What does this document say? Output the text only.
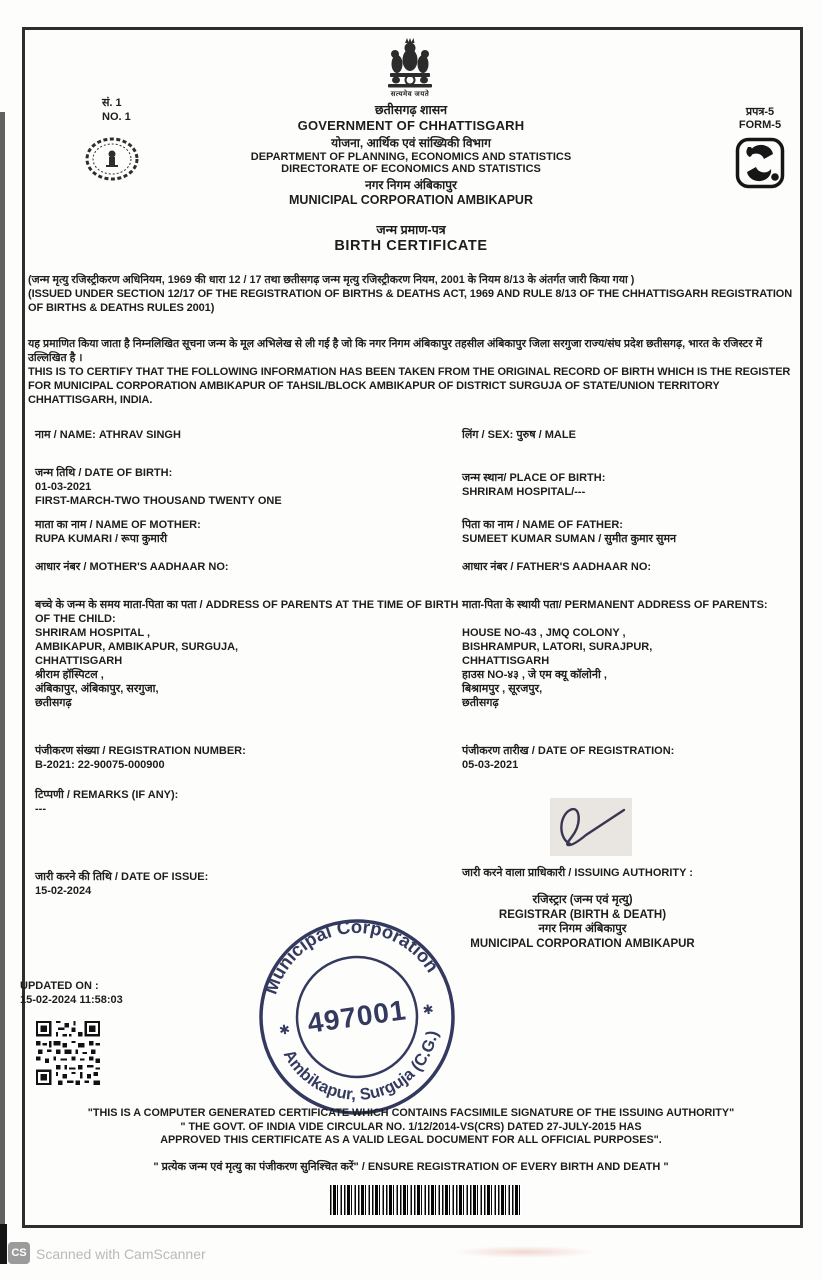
सत्यमेव जयते
सं. 1
NO. 1	छतीसगढ़ शासन
GOVERNMENT OF CHHATTISGARH
योजना, आर्थिक एवं सांख्यिकी विभाग
DEPARTMENT OF PLANNING, ECONOMICS AND STATISTICS
DIRECTORATE OF ECONOMICS AND STATISTICS
नगर निगम अंबिकापुर
MUNICIPAL CORPORATION AMBIKAPUR
प्रपत्र-5
FORM-5
जन्म प्रमाण-पत्र
BIRTH CERTIFICATE
(जन्म मृत्यु रजिस्ट्रीकरण अधिनियम, 1969 की धारा 12 / 17 तथा छतीसगढ़ जन्म मृत्यु रजिस्ट्रीकरण नियम, 2001 के नियम 8/13 के अंतर्गत जारी किया गया )
(ISSUED UNDER SECTION 12/17 OF THE REGISTRATION OF BIRTHS & DEATHS ACT, 1969 AND RULE 8/13 OF THE CHHATTISGARH REGISTRATION OF BIRTHS & DEATHS RULES 2001)
यह प्रमाणित किया जाता है निम्नलिखित सूचना जन्म के मूल अभिलेख से ली गई है जो कि नगर निगम अंबिकापुर तहसील अंबिकापुर जिला सरगुजा राज्य/संघ प्रदेश छतीसगढ़, भारत के रजिस्टर में उल्लिखित है ।
THIS IS TO CERTIFY THAT THE FOLLOWING INFORMATION HAS BEEN TAKEN FROM THE ORIGINAL RECORD OF BIRTH WHICH IS THE REGISTER FOR MUNICIPAL CORPORATION AMBIKAPUR OF TAHSIL/BLOCK AMBIKAPUR OF DISTRICT SURGUJA OF STATE/UNION TERRITORY CHHATTISGARH, INDIA.
नाम / NAME: ATHRAV SINGH	लिंग / SEX: पुरुष / MALE
जन्म तिथि / DATE OF BIRTH:
01-03-2021
FIRST-MARCH-TWO THOUSAND TWENTY ONE
जन्म स्थान/ PLACE OF BIRTH:
SHRIRAM HOSPITAL/---
माता का नाम / NAME OF MOTHER:
RUPA KUMARI / रूपा कुमारी
पिता का नाम / NAME OF FATHER:
SUMEET KUMAR SUMAN / सुमीत कुमार सुमन
आधार नंबर / MOTHER'S AADHAAR NO:	आधार नंबर / FATHER'S AADHAAR NO:
बच्चे के जन्म के समय माता-पिता का पता / ADDRESS OF PARENTS AT THE TIME OF BIRTH OF THE CHILD:
SHRIRAM HOSPITAL ,
AMBIKAPUR, AMBIKAPUR, SURGUJA,
CHHATTISGARH
श्रीराम हॉस्पिटल ,
अंबिकापुर, अंबिकापुर, सरगुजा,
छतीसगढ़
माता-पिता के स्थायी पता/ PERMANENT ADDRESS OF PARENTS:
HOUSE NO-43 , JMQ COLONY ,
BISHRAMPUR, LATORI, SURAJPUR,
CHHATTISGARH
हाउस NO-४३ , जे एम क्यू कॉलोनी ,
बिश्रामपुर , सूरजपुर,
छतीसगढ़
पंजीकरण संख्या / REGISTRATION NUMBER:
B-2021: 22-90075-000900
पंजीकरण तारीख / DATE OF REGISTRATION:
05-03-2021
टिप्पणी / REMARKS (IF ANY):
---
जारी करने की तिथि / DATE OF ISSUE:
15-02-2024
जारी करने वाला प्राधिकारी / ISSUING AUTHORITY :
रजिस्ट्रार (जन्म एवं मृत्यु)
REGISTRAR (BIRTH & DEATH)
नगर निगम अंबिकापुर
MUNICIPAL CORPORATION AMBIKAPUR
Municipal Corporation
Ambikapur, Surguja (C.G.)
✱
✱
497001
UPDATED ON :
15-02-2024 11:58:03
"THIS IS A COMPUTER GENERATED CERTIFICATE WHICH CONTAINS FACSIMILE SIGNATURE OF THE ISSUING AUTHORITY"
" THE GOVT. OF INDIA VIDE CIRCULAR NO. 1/12/2014-VS(CRS) DATED 27-JULY-2015 HAS
APPROVED THIS CERTIFICATE AS A VALID LEGAL DOCUMENT FOR ALL OFFICIAL PURPOSES".
" प्रत्येक जन्म एवं मृत्यु का पंजीकरण सुनिश्चित करें" / ENSURE REGISTRATION OF EVERY BIRTH AND DEATH "
CS Scanned with CamScanner
